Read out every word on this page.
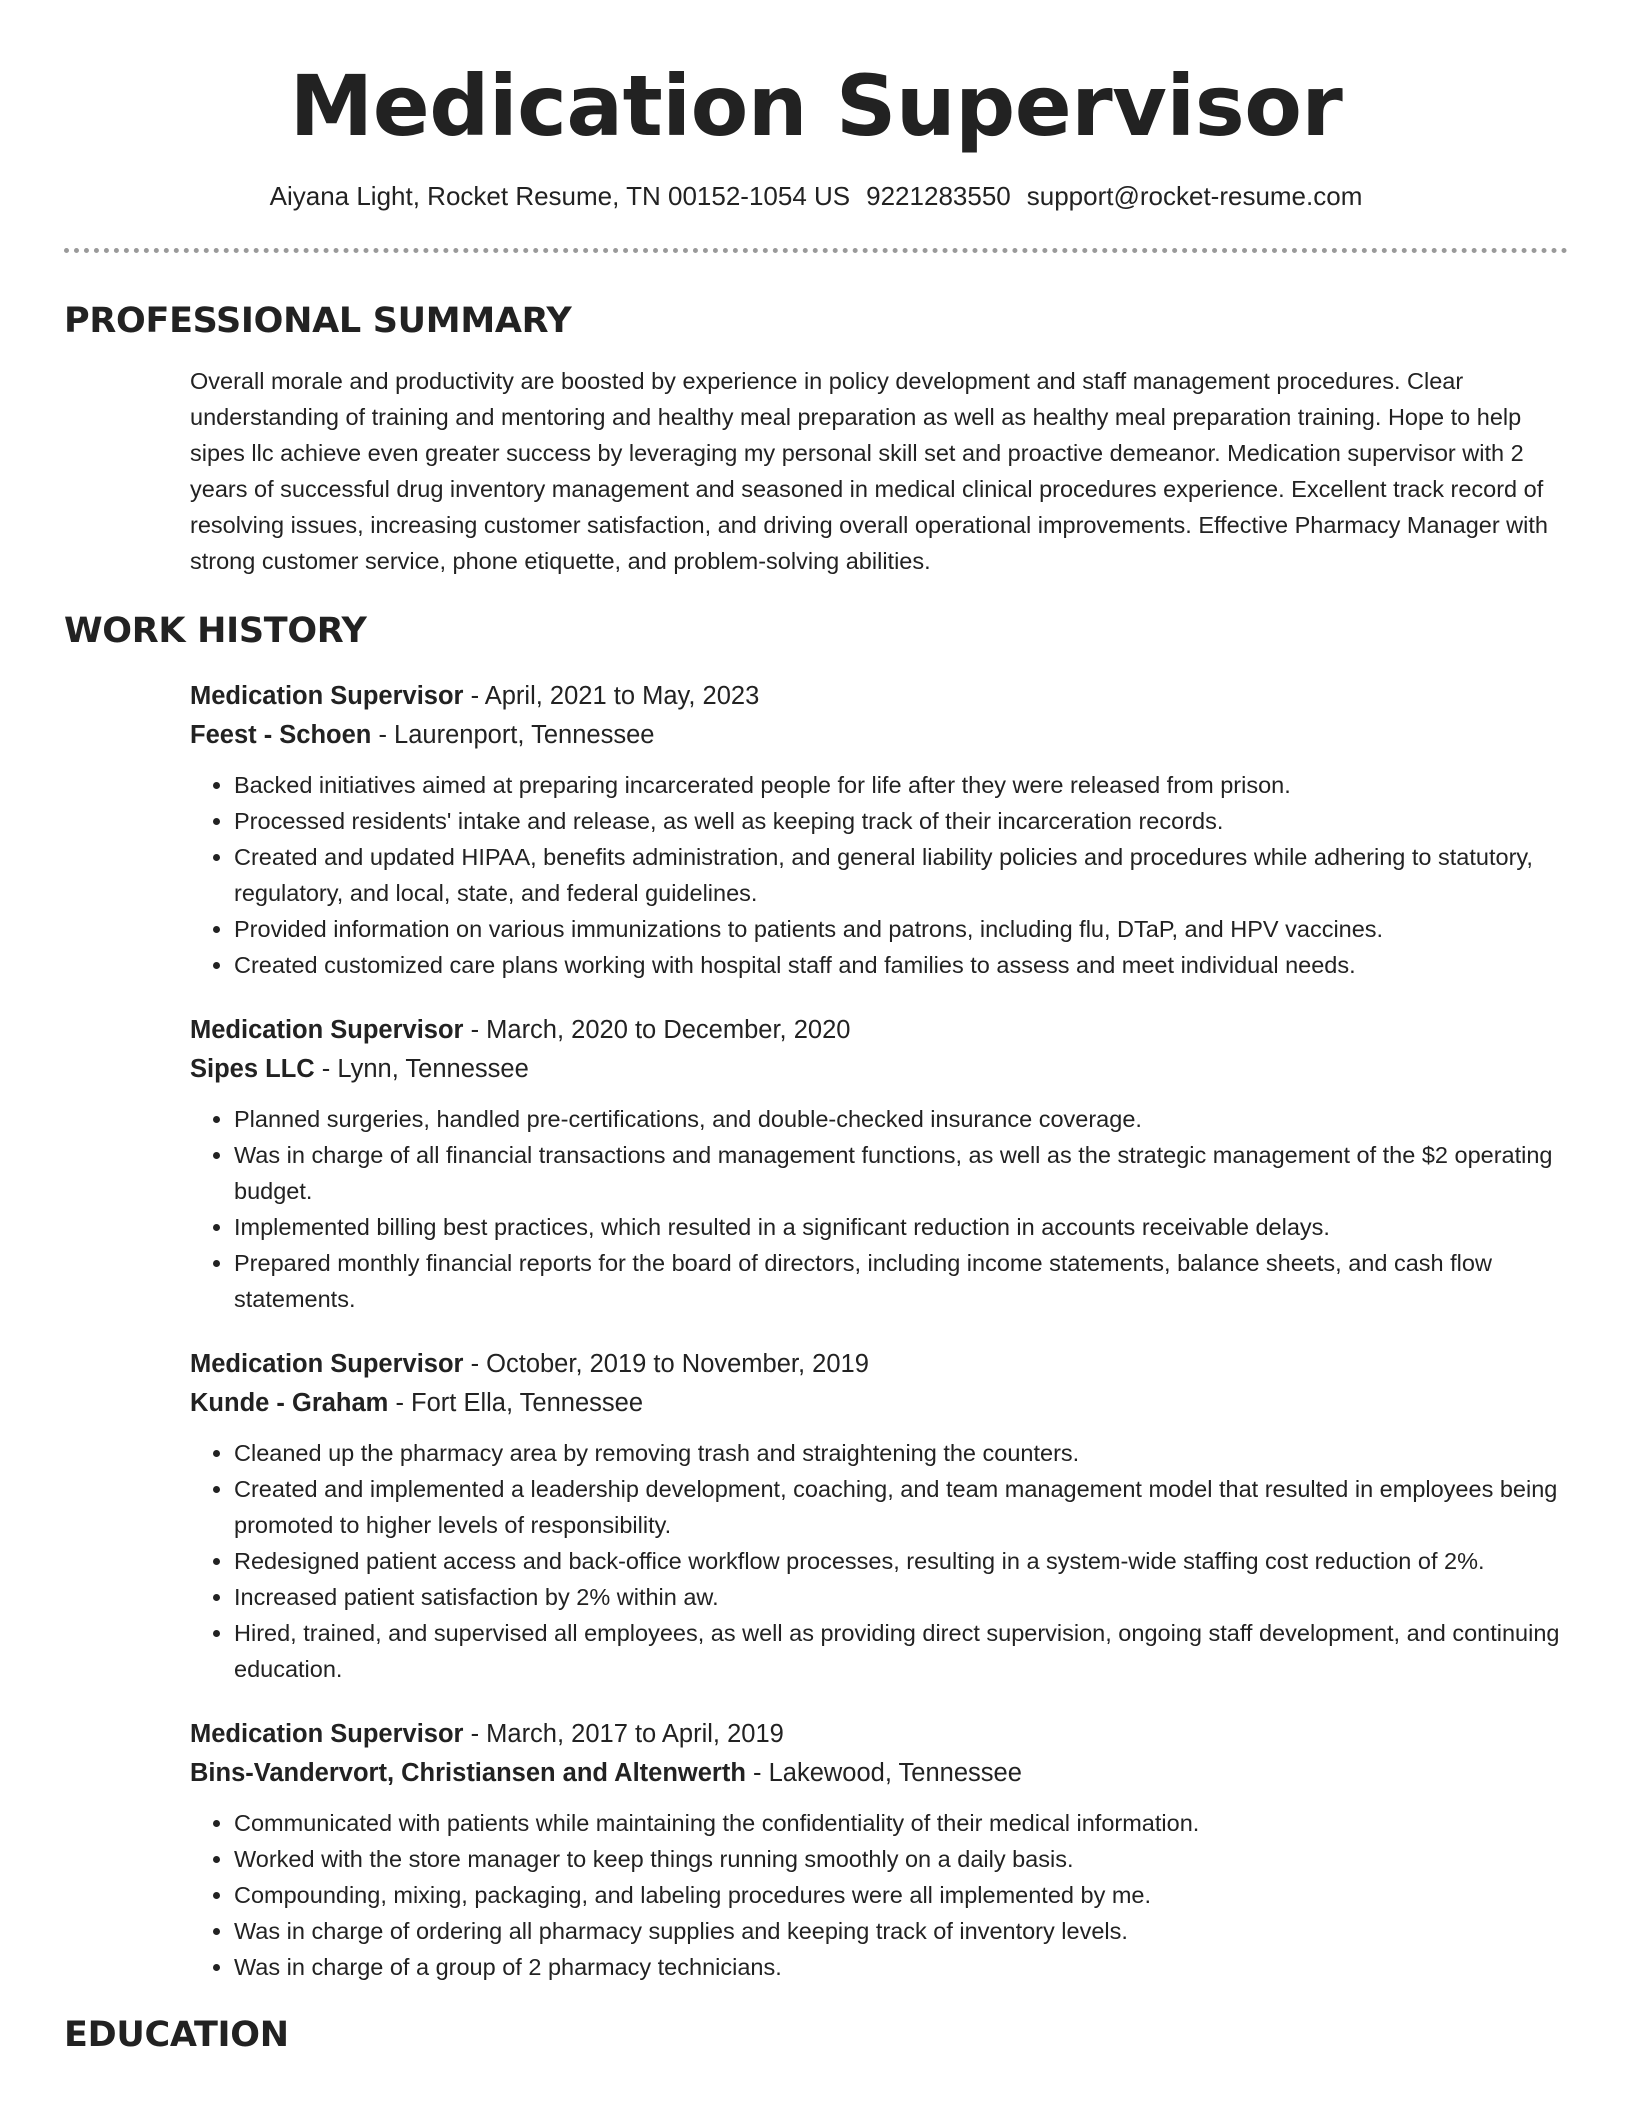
Medication Supervisor
Aiyana Light, Rocket Resume, TN 00152-1054 US 9221283550 support@rocket-resume.com
PROFESSIONAL SUMMARY

Overall morale and productivity are boosted by experience in policy development and staff management procedures. Clear understanding of training and mentoring and healthy meal preparation as well as healthy meal preparation training. Hope to help sipes llc achieve even greater success by leveraging my personal skill set and proactive demeanor. Medication supervisor with 2 years of successful drug inventory management and seasoned in medical clinical procedures experience. Excellent track record of resolving issues, increasing customer satisfaction, and driving overall operational improvements. Effective Pharmacy Manager with strong customer service, phone etiquette, and problem-solving abilities.

WORK HISTORY
Medication Supervisor - April, 2021 to May, 2023
Feest - Schoen - Laurenport, Tennessee
• Backed initiatives aimed at preparing incarcerated people for life after they were released from prison.
• Processed residents' intake and release, as well as keeping track of their incarceration records.
• Created and updated HIPAA, benefits administration, and general liability policies and procedures while adhering to statutory, regulatory, and local, state, and federal guidelines.
• Provided information on various immunizations to patients and patrons, including flu, DTaP, and HPV vaccines.
• Created customized care plans working with hospital staff and families to assess and meet individual needs.
Medication Supervisor - March, 2020 to December, 2020
Sipes LLC - Lynn, Tennessee
• Planned surgeries, handled pre-certifications, and double-checked insurance coverage.
• Was in charge of all financial transactions and management functions, as well as the strategic management of the $2 operating budget.
• Implemented billing best practices, which resulted in a significant reduction in accounts receivable delays.
• Prepared monthly financial reports for the board of directors, including income statements, balance sheets, and cash flow statements.
Medication Supervisor - October, 2019 to November, 2019
Kunde - Graham - Fort Ella, Tennessee
• Cleaned up the pharmacy area by removing trash and straightening the counters.
• Created and implemented a leadership development, coaching, and team management model that resulted in employees being promoted to higher levels of responsibility.
• Redesigned patient access and back-office workflow processes, resulting in a system-wide staffing cost reduction of 2%.
• Increased patient satisfaction by 2% within aw.
• Hired, trained, and supervised all employees, as well as providing direct supervision, ongoing staff development, and continuing education.
Medication Supervisor - March, 2017 to April, 2019
Bins-Vandervort, Christiansen and Altenwerth - Lakewood, Tennessee
• Communicated with patients while maintaining the confidentiality of their medical information.
• Worked with the store manager to keep things running smoothly on a daily basis.
• Compounding, mixing, packaging, and labeling procedures were all implemented by me.
• Was in charge of ordering all pharmacy supplies and keeping track of inventory levels.
• Was in charge of a group of 2 pharmacy technicians.
EDUCATION
